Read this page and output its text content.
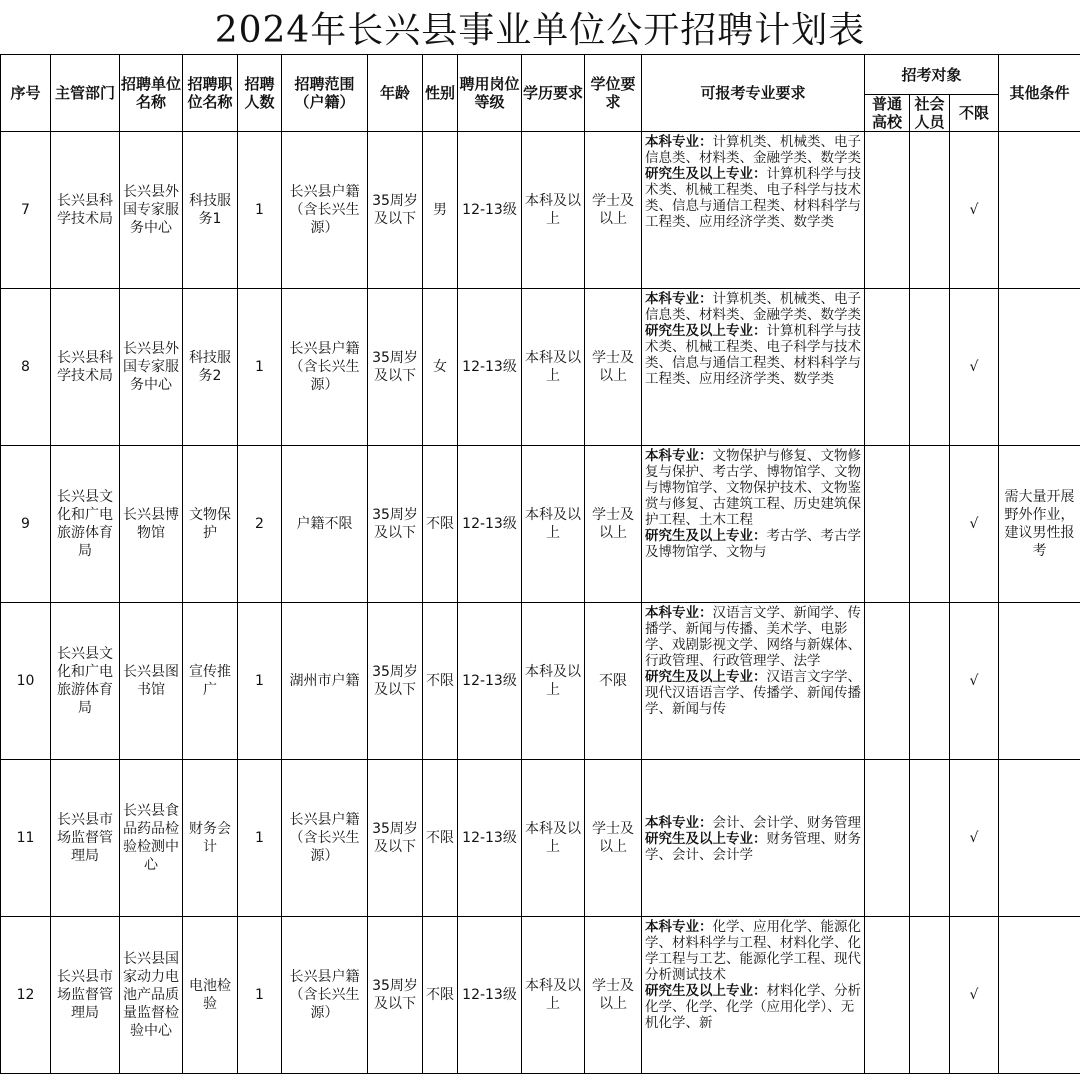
2024年长兴县事业单位公开招聘计划表
序号	主管部门	招聘单位名称	招聘职位名称	招聘人数	招聘范围（户籍）	年龄	性别	聘用岗位等级	学历要求	学位要求	可报考专业要求	招考对象			其他条件
												普通高校	社会人员	不限	
7	长兴县科学技术局	长兴县外国专家服务中心	科技服务1	1	长兴县户籍（含长兴生源）	35周岁及以下	男	12-13级	本科及以上	学士及以上	本科专业：计算机类、机械类、电子信息类、材料类、金融学类、数学类
研究生及以上专业：计算机科学与技术类、机械工程类、电子科学与技术类、信息与通信工程类、材料科学与工程类、应用经济学类、数学类			√	
8	长兴县科学技术局	长兴县外国专家服务中心	科技服务2	1	长兴县户籍（含长兴生源）	35周岁及以下	女	12-13级	本科及以上	学士及以上	本科专业：计算机类、机械类、电子信息类、材料类、金融学类、数学类
研究生及以上专业：计算机科学与技术类、机械工程类、电子科学与技术类、信息与通信工程类、材料科学与工程类、应用经济学类、数学类			√	
9	长兴县文化和广电旅游体育局	长兴县博物馆	文物保护	2	户籍不限	35周岁及以下	不限	12-13级	本科及以上	学士及以上	本科专业：文物保护与修复、文物修复与保护、考古学、博物馆学、文物与博物馆学、文物保护技术、文物鉴赏与修复、古建筑工程、历史建筑保护工程、土木工程
研究生及以上专业：考古学、考古学及博物馆学、文物与			√	需大量开展野外作业，建议男性报考
10	长兴县文化和广电旅游体育局	长兴县图书馆	宣传推广	1	湖州市户籍	35周岁及以下	不限	12-13级	本科及以上	不限	本科专业：汉语言文学、新闻学、传播学、新闻与传播、美术学、电影学、戏剧影视文学、网络与新媒体、行政管理、行政管理学、法学
研究生及以上专业：汉语言文字学、现代汉语语言学、传播学、新闻传播学、新闻与传			√	
11	长兴县市场监督管理局	长兴县食品药品检验检测中心	财务会计	1	长兴县户籍（含长兴生源）	35周岁及以下	不限	12-13级	本科及以上	学士及以上	本科专业：会计、会计学、财务管理
研究生及以上专业：财务管理、财务学、会计、会计学			√	
12	长兴县市场监督管理局	长兴县国家动力电池产品质量监督检验中心	电池检验	1	长兴县户籍（含长兴生源）	35周岁及以下	不限	12-13级	本科及以上	学士及以上	本科专业：化学、应用化学、能源化学、材料科学与工程、材料化学、化学工程与工艺、能源化学工程、现代分析测试技术
研究生及以上专业：材料化学、分析化学、化学、化学（应用化学）、无机化学、新			√	
